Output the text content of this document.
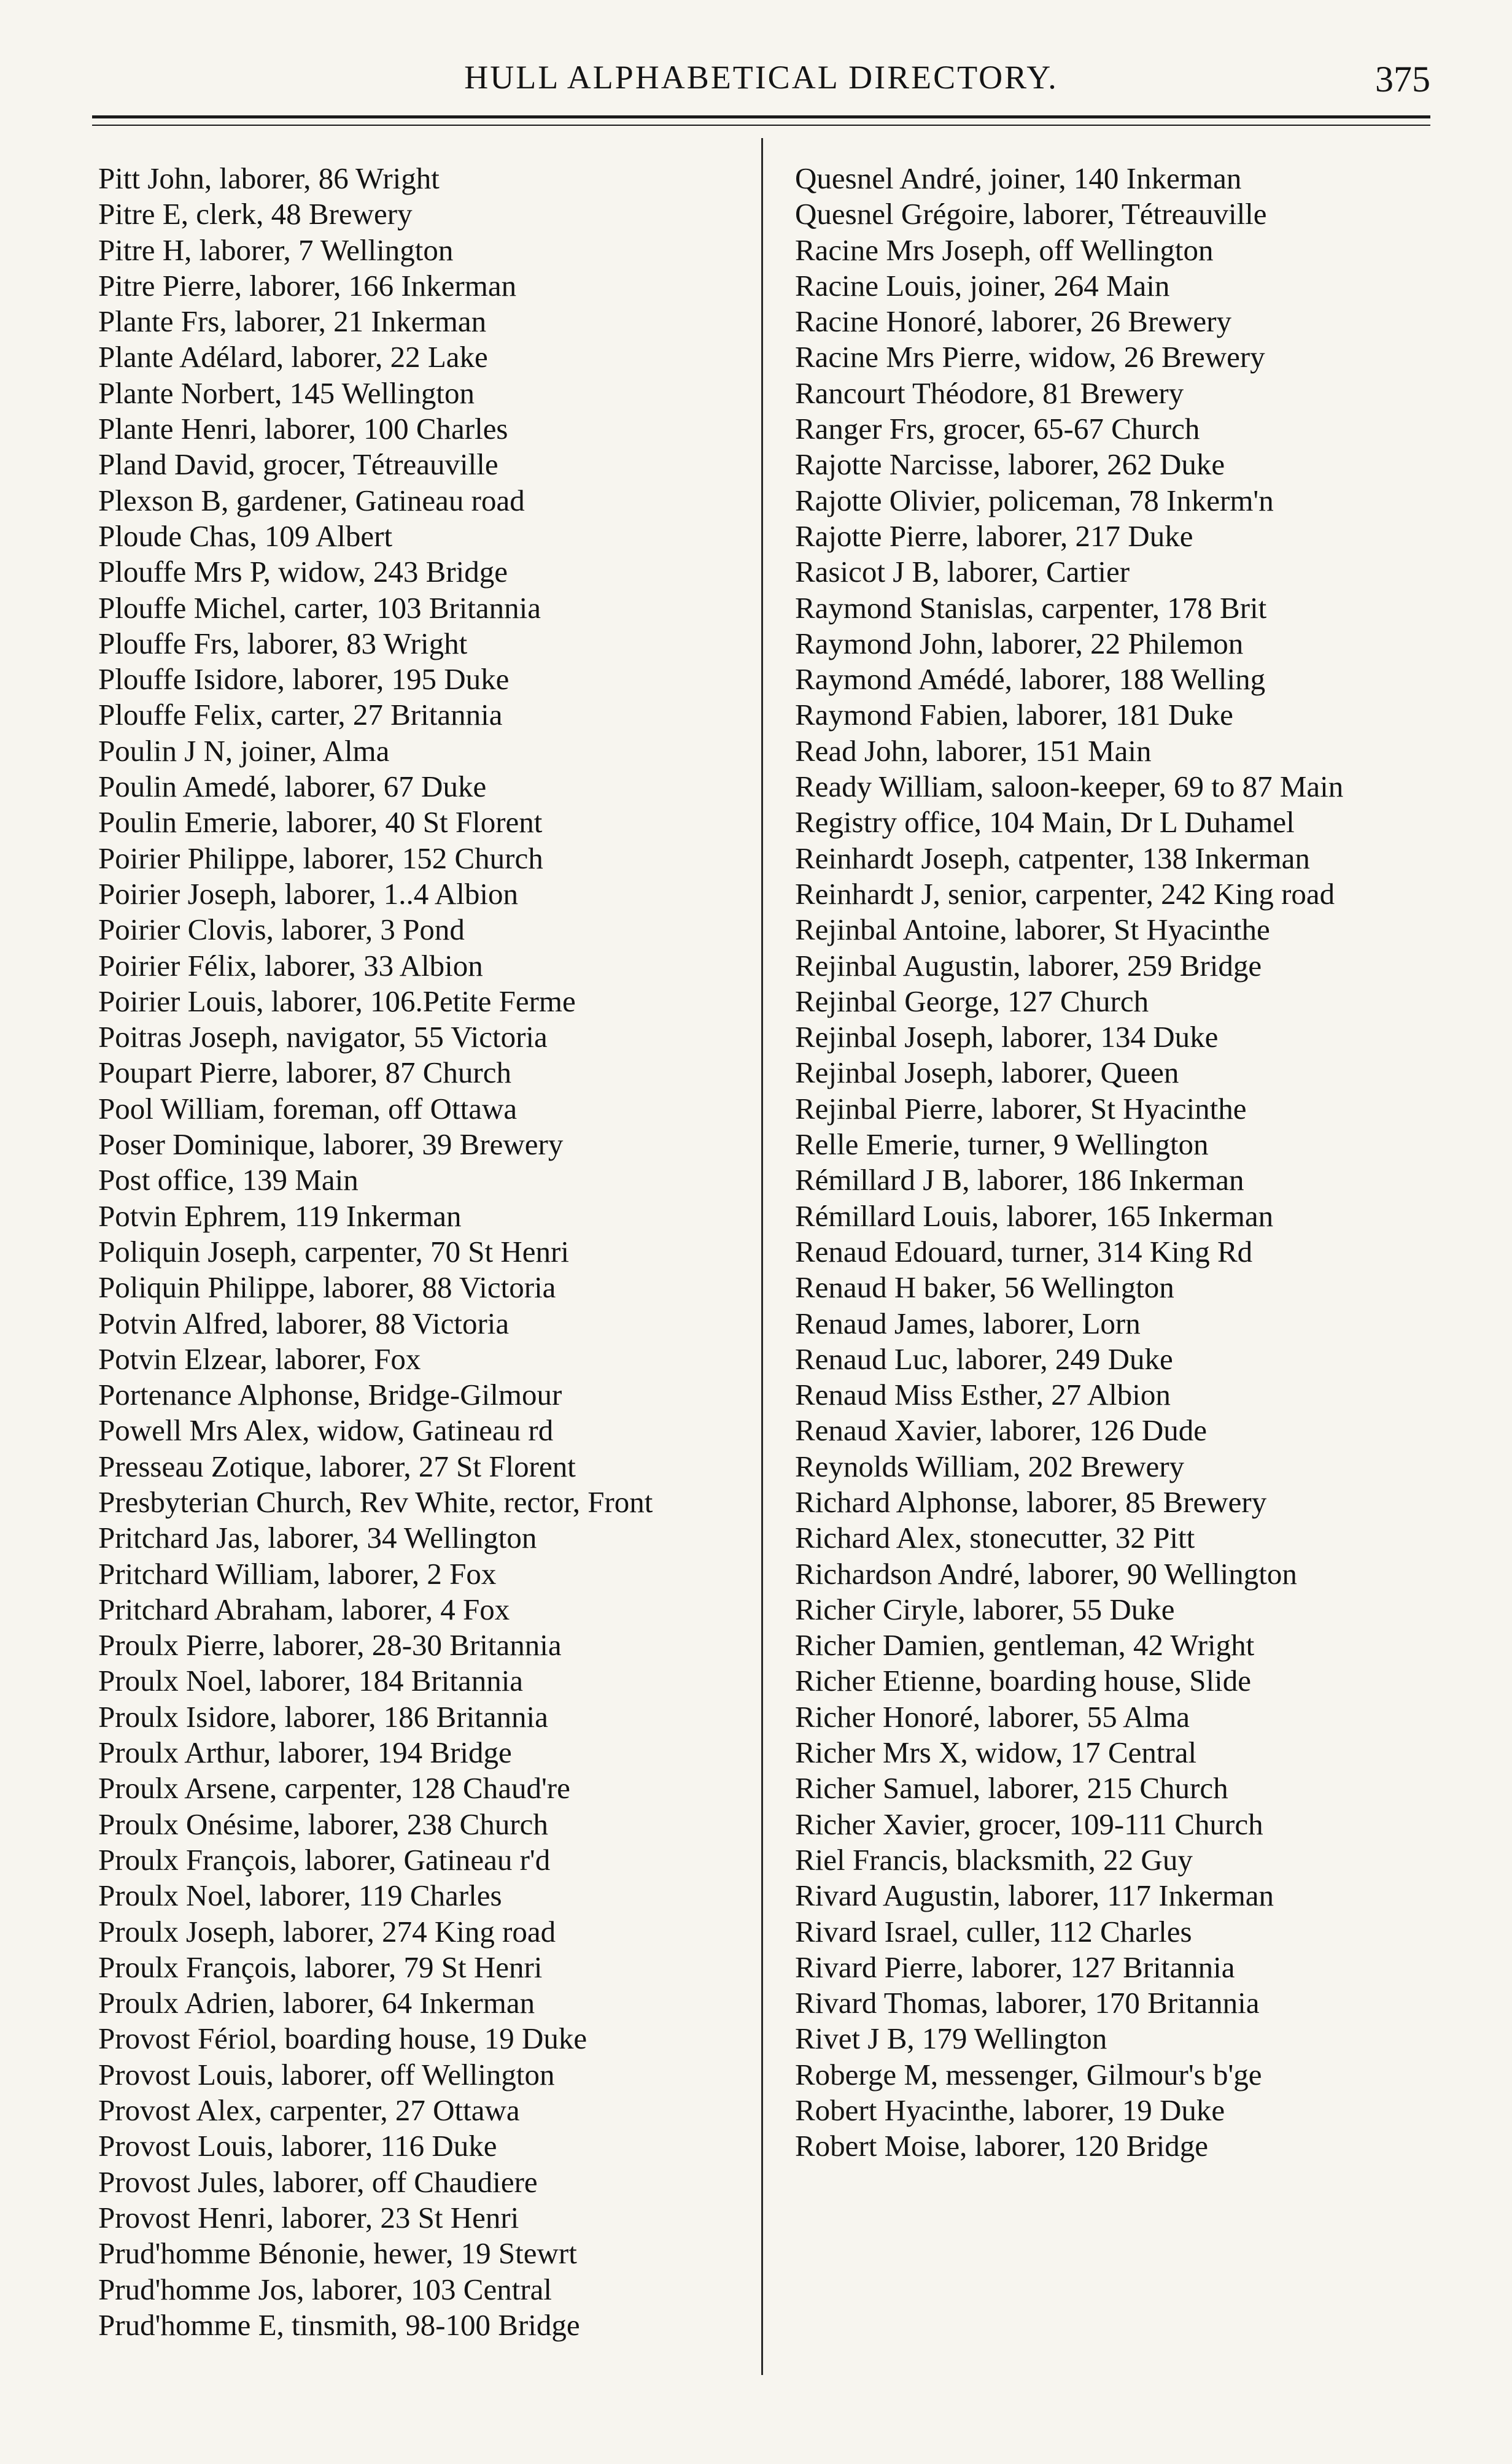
HULL ALPHABETICAL DIRECTORY.	375
Pitt John, laborer, 86 Wright
Pitre E, clerk, 48 Brewery
Pitre H, laborer, 7 Wellington
Pitre Pierre, laborer, 166 Inkerman
Plante Frs, laborer, 21 Inkerman
Plante Adélard, laborer, 22 Lake
Plante Norbert, 145 Wellington
Plante Henri, laborer, 100 Charles
Pland David, grocer, Tétreauville
Plexson B, gardener, Gatineau road
Ploude Chas, 109 Albert
Plouffe Mrs P, widow, 243 Bridge
Plouffe Michel, carter, 103 Britannia
Plouffe Frs, laborer, 83 Wright
Plouffe Isidore, laborer, 195 Duke
Plouffe Felix, carter, 27 Britannia
Poulin J N, joiner, Alma
Poulin Amedé, laborer, 67 Duke
Poulin Emerie, laborer, 40 St Florent
Poirier Philippe, laborer, 152 Church
Poirier Joseph, laborer, 1..4 Albion
Poirier Clovis, laborer, 3 Pond
Poirier Félix, laborer, 33 Albion
Poirier Louis, laborer, 106.Petite Ferme
Poitras Joseph, navigator, 55 Victoria
Poupart Pierre, laborer, 87 Church
Pool William, foreman, off Ottawa
Poser Dominique, laborer, 39 Brewery
Post office, 139 Main
Potvin Ephrem, 119 Inkerman
Poliquin Joseph, carpenter, 70 St Henri
Poliquin Philippe, laborer, 88 Victoria
Potvin Alfred, laborer, 88 Victoria
Potvin Elzear, laborer, Fox
Portenance Alphonse, Bridge-Gilmour
Powell Mrs Alex, widow, Gatineau rd
Presseau Zotique, laborer, 27 St Florent
Presbyterian Church, Rev White, rector, Front
Pritchard Jas, laborer, 34 Wellington
Pritchard William, laborer, 2 Fox
Pritchard Abraham, laborer, 4 Fox
Proulx Pierre, laborer, 28-30 Britannia
Proulx Noel, laborer, 184 Britannia
Proulx Isidore, laborer, 186 Britannia
Proulx Arthur, laborer, 194 Bridge
Proulx Arsene, carpenter, 128 Chaud're
Proulx Onésime, laborer, 238 Church
Proulx François, laborer, Gatineau r'd
Proulx Noel, laborer, 119 Charles
Proulx Joseph, laborer, 274 King road
Proulx François, laborer, 79 St Henri
Proulx Adrien, laborer, 64 Inkerman
Provost Fériol, boarding house, 19 Duke
Provost Louis, laborer, off Wellington
Provost Alex, carpenter, 27 Ottawa
Provost Louis, laborer, 116 Duke
Provost Jules, laborer, off Chaudiere
Provost Henri, laborer, 23 St Henri
Prud'homme Bénonie, hewer, 19 Stewrt
Prud'homme Jos, laborer, 103 Central
Prud'homme E, tinsmith, 98-100 Bridge
Quesnel André, joiner, 140 Inkerman
Quesnel Grégoire, laborer, Tétreauville
Racine Mrs Joseph, off Wellington
Racine Louis, joiner, 264 Main
Racine Honoré, laborer, 26 Brewery
Racine Mrs Pierre, widow, 26 Brewery
Rancourt Théodore, 81 Brewery
Ranger Frs, grocer, 65-67 Church
Rajotte Narcisse, laborer, 262 Duke
Rajotte Olivier, policeman, 78 Inkerm'n
Rajotte Pierre, laborer, 217 Duke
Rasicot J B, laborer, Cartier
Raymond Stanislas, carpenter, 178 Brit
Raymond John, laborer, 22 Philemon
Raymond Amédé, laborer, 188 Welling
Raymond Fabien, laborer, 181 Duke
Read John, laborer, 151 Main
Ready William, saloon-keeper, 69 to 87 Main
Registry office, 104 Main, Dr L Duhamel
Reinhardt Joseph, catpenter, 138 Inkerman
Reinhardt J, senior, carpenter, 242 King road
Rejinbal Antoine, laborer, St Hyacinthe
Rejinbal Augustin, laborer, 259 Bridge
Rejinbal George, 127 Church
Rejinbal Joseph, laborer, 134 Duke
Rejinbal Joseph, laborer, Queen
Rejinbal Pierre, laborer, St Hyacinthe
Relle Emerie, turner, 9 Wellington
Rémillard J B, laborer, 186 Inkerman
Rémillard Louis, laborer, 165 Inkerman
Renaud Edouard, turner, 314 King Rd
Renaud H baker, 56 Wellington
Renaud James, laborer, Lorn
Renaud Luc, laborer, 249 Duke
Renaud Miss Esther, 27 Albion
Renaud Xavier, laborer, 126 Dude
Reynolds William, 202 Brewery
Richard Alphonse, laborer, 85 Brewery
Richard Alex, stonecutter, 32 Pitt
Richardson André, laborer, 90 Wellington
Richer Ciryle, laborer, 55 Duke
Richer Damien, gentleman, 42 Wright
Richer Etienne, boarding house, Slide
Richer Honoré, laborer, 55 Alma
Richer Mrs X, widow, 17 Central
Richer Samuel, laborer, 215 Church
Richer Xavier, grocer, 109-111 Church
Riel Francis, blacksmith, 22 Guy
Rivard Augustin, laborer, 117 Inkerman
Rivard Israel, culler, 112 Charles
Rivard Pierre, laborer, 127 Britannia
Rivard Thomas, laborer, 170 Britannia
Rivet J B, 179 Wellington
Roberge M, messenger, Gilmour's b'ge
Robert Hyacinthe, laborer, 19 Duke
Robert Moise, laborer, 120 Bridge
